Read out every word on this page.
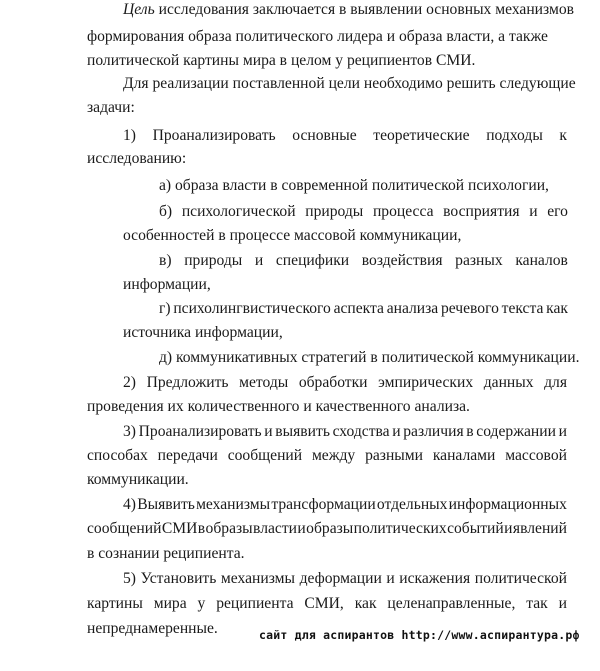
Цель исследования заключается в выявлении основных механизмов
формирования образа политического лидера и образа власти, а также
политической картины мира в целом у реципиентов СМИ.
Для реализации поставленной цели необходимо решить следующие
задачи:
1) Проанализировать основные теоретические подходы к
исследованию:
а) образа власти в современной политической психологии,
б) психологической природы процесса восприятия и его
особенностей в процессе массовой коммуникации,
в) природы и специфики воздействия разных каналов
информации,
г) психолингвистического аспекта анализа речевого текста как
источника информации,
д) коммуникативных стратегий в политической коммуникации.
2) Предложить методы обработки эмпирических данных для
проведения их количественного и качественного анализа.
3) Проанализировать и выявить сходства и различия в содержании и
способах передачи сообщений между разными каналами массовой
коммуникации.
4) Выявить механизмы трансформации отдельных информационных
сообщений СМИ в образы власти и образы политических событий и явлений
в сознании реципиента.
5) Установить механизмы деформации и искажения политической
картины мира у реципиента СМИ, как целенаправленные, так и
непреднамеренные.	сайт для аспирантов http://www.аспирантура.рф
